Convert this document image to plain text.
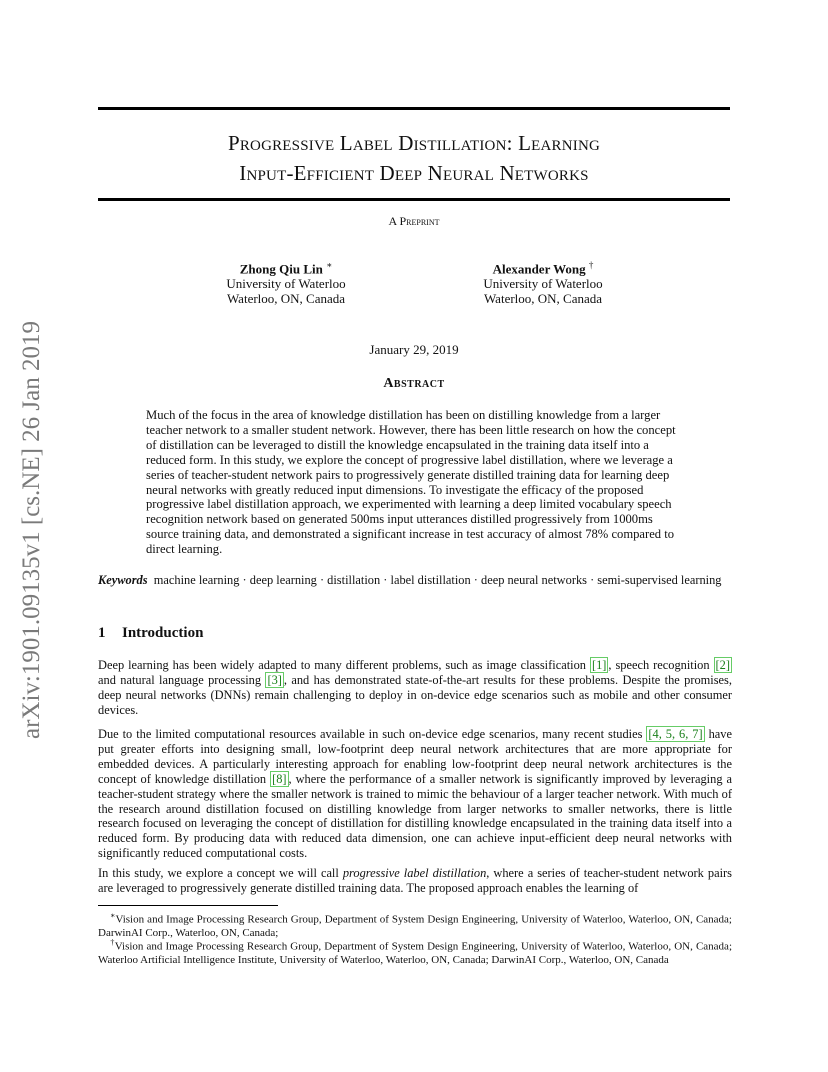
arXiv:1901.09135v1 [cs.NE] 26 Jan 2019
Progressive Label Distillation: Learning
Input-Efficient Deep Neural Networks
A Preprint
Zhong Qiu Lin ∗
University of Waterloo
Waterloo, ON, Canada
Alexander Wong †
University of Waterloo
Waterloo, ON, Canada
January 29, 2019
Abstract
Much of the focus in the area of knowledge distillation has been on distilling knowledge from a larger teacher network to a smaller student network. However, there has been little research on how the concept of distillation can be leveraged to distill the knowledge encapsulated in the training data itself into a reduced form. In this study, we explore the concept of progressive label distillation, where we leverage a series of teacher-student network pairs to progressively generate distilled training data for learning deep neural networks with greatly reduced input dimensions. To investigate the efficacy of the proposed progressive label distillation approach, we experimented with learning a deep limited vocabulary speech recognition network based on generated 500ms input utterances distilled progressively from 1000ms source training data, and demonstrated a significant increase in test accuracy of almost 78% compared to direct learning.
Keywords machine learning · deep learning · distillation · label distillation · deep neural networks · semi-supervised learning
1 Introduction
Deep learning has been widely adapted to many different problems, such as image classification [1] , speech recognition [2] and natural language processing [3] , and has demonstrated state-of-the-art results for these problems. Despite the promises, deep neural networks (DNNs) remain challenging to deploy in on-device edge scenarios such as mobile and other consumer devices.
Due to the limited computational resources available in such on-device edge scenarios, many recent studies [4, 5, 6, 7] have put greater efforts into designing small, low-footprint deep neural network architectures that are more appropriate for embedded devices. A particularly interesting approach for enabling low-footprint deep neural network architectures is the concept of knowledge distillation [8] , where the performance of a smaller network is significantly improved by leveraging a teacher-student strategy where the smaller network is trained to mimic the behaviour of a larger teacher network. With much of the research around distillation focused on distilling knowledge from larger networks to smaller networks, there is little research focused on leveraging the concept of distillation for distilling knowledge encapsulated in the training data itself into a reduced form. By producing data with reduced data dimension, one can achieve input-efficient deep neural networks with significantly reduced computational costs.
In this study, we explore a concept we will call progressive label distillation, where a series of teacher-student network pairs are leveraged to progressively generate distilled training data. The proposed approach enables the learning of
∗Vision and Image Processing Research Group, Department of System Design Engineering, University of Waterloo, Waterloo, ON, Canada; DarwinAI Corp., Waterloo, ON, Canada;
†Vision and Image Processing Research Group, Department of System Design Engineering, University of Waterloo, Waterloo, ON, Canada; Waterloo Artificial Intelligence Institute, University of Waterloo, Waterloo, ON, Canada; DarwinAI Corp., Waterloo, ON, Canada
